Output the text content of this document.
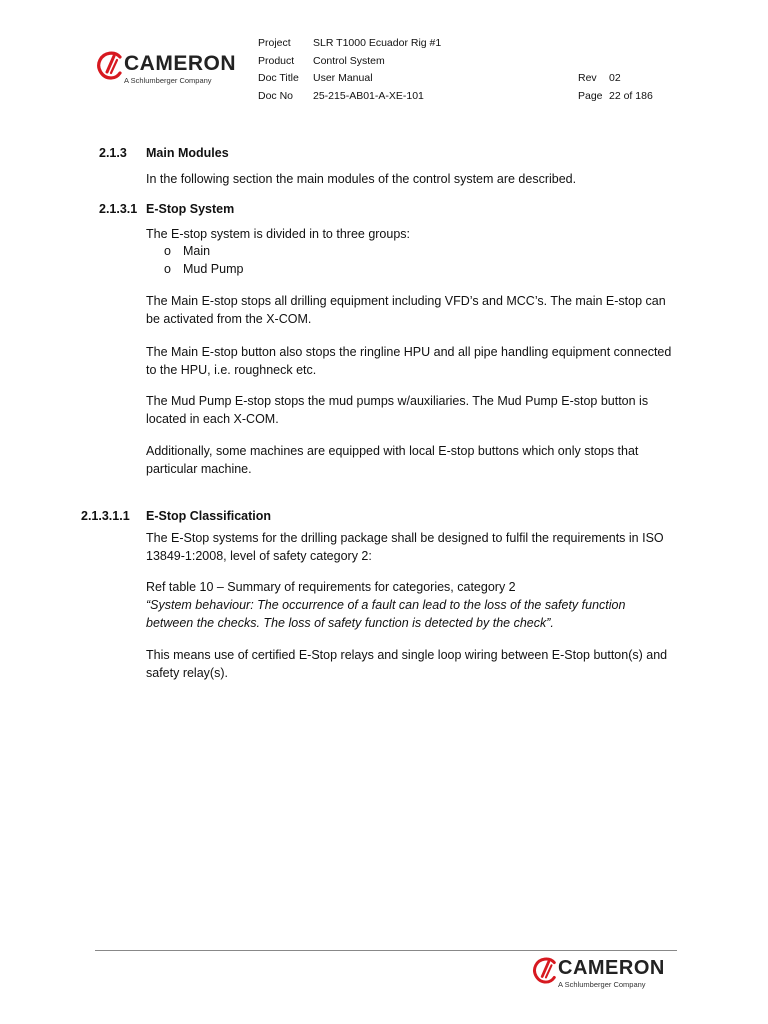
CAMERON
A Schlumberger Company
Project
Product
Doc Title
Doc No
SLR T1000 Ecuador Rig #1
Control System
User Manual
25-215-AB01-A-XE-101
Rev 02
Page 22 of 186
2.1.3 Main Modules
In the following section the main modules of the control system are described.
2.1.3.1 E-Stop System
The E-stop system is divided in to three groups:
o Main
o Mud Pump
The Main E-stop stops all drilling equipment including VFD’s and MCC’s. The main E-stop can be activated from the X-COM.
The Main E-stop button also stops the ringline HPU and all pipe handling equipment connected to the HPU, i.e. roughneck etc.
The Mud Pump E-stop stops the mud pumps w/auxiliaries. The Mud Pump E-stop button is located in each X-COM.
Additionally, some machines are equipped with local E-stop buttons which only stops that particular machine.
2.1.3.1.1 E-Stop Classification
The E-Stop systems for the drilling package shall be designed to fulfil the requirements in ISO 13849-1:2008, level of safety category 2:
Ref table 10 – Summary of requirements for categories, category 2
“System behaviour: The occurrence of a fault can lead to the loss of the safety function between the checks. The loss of safety function is detected by the check”.
This means use of certified E-Stop relays and single loop wiring between E-Stop button(s) and safety relay(s).
CAMERON
A Schlumberger Company
